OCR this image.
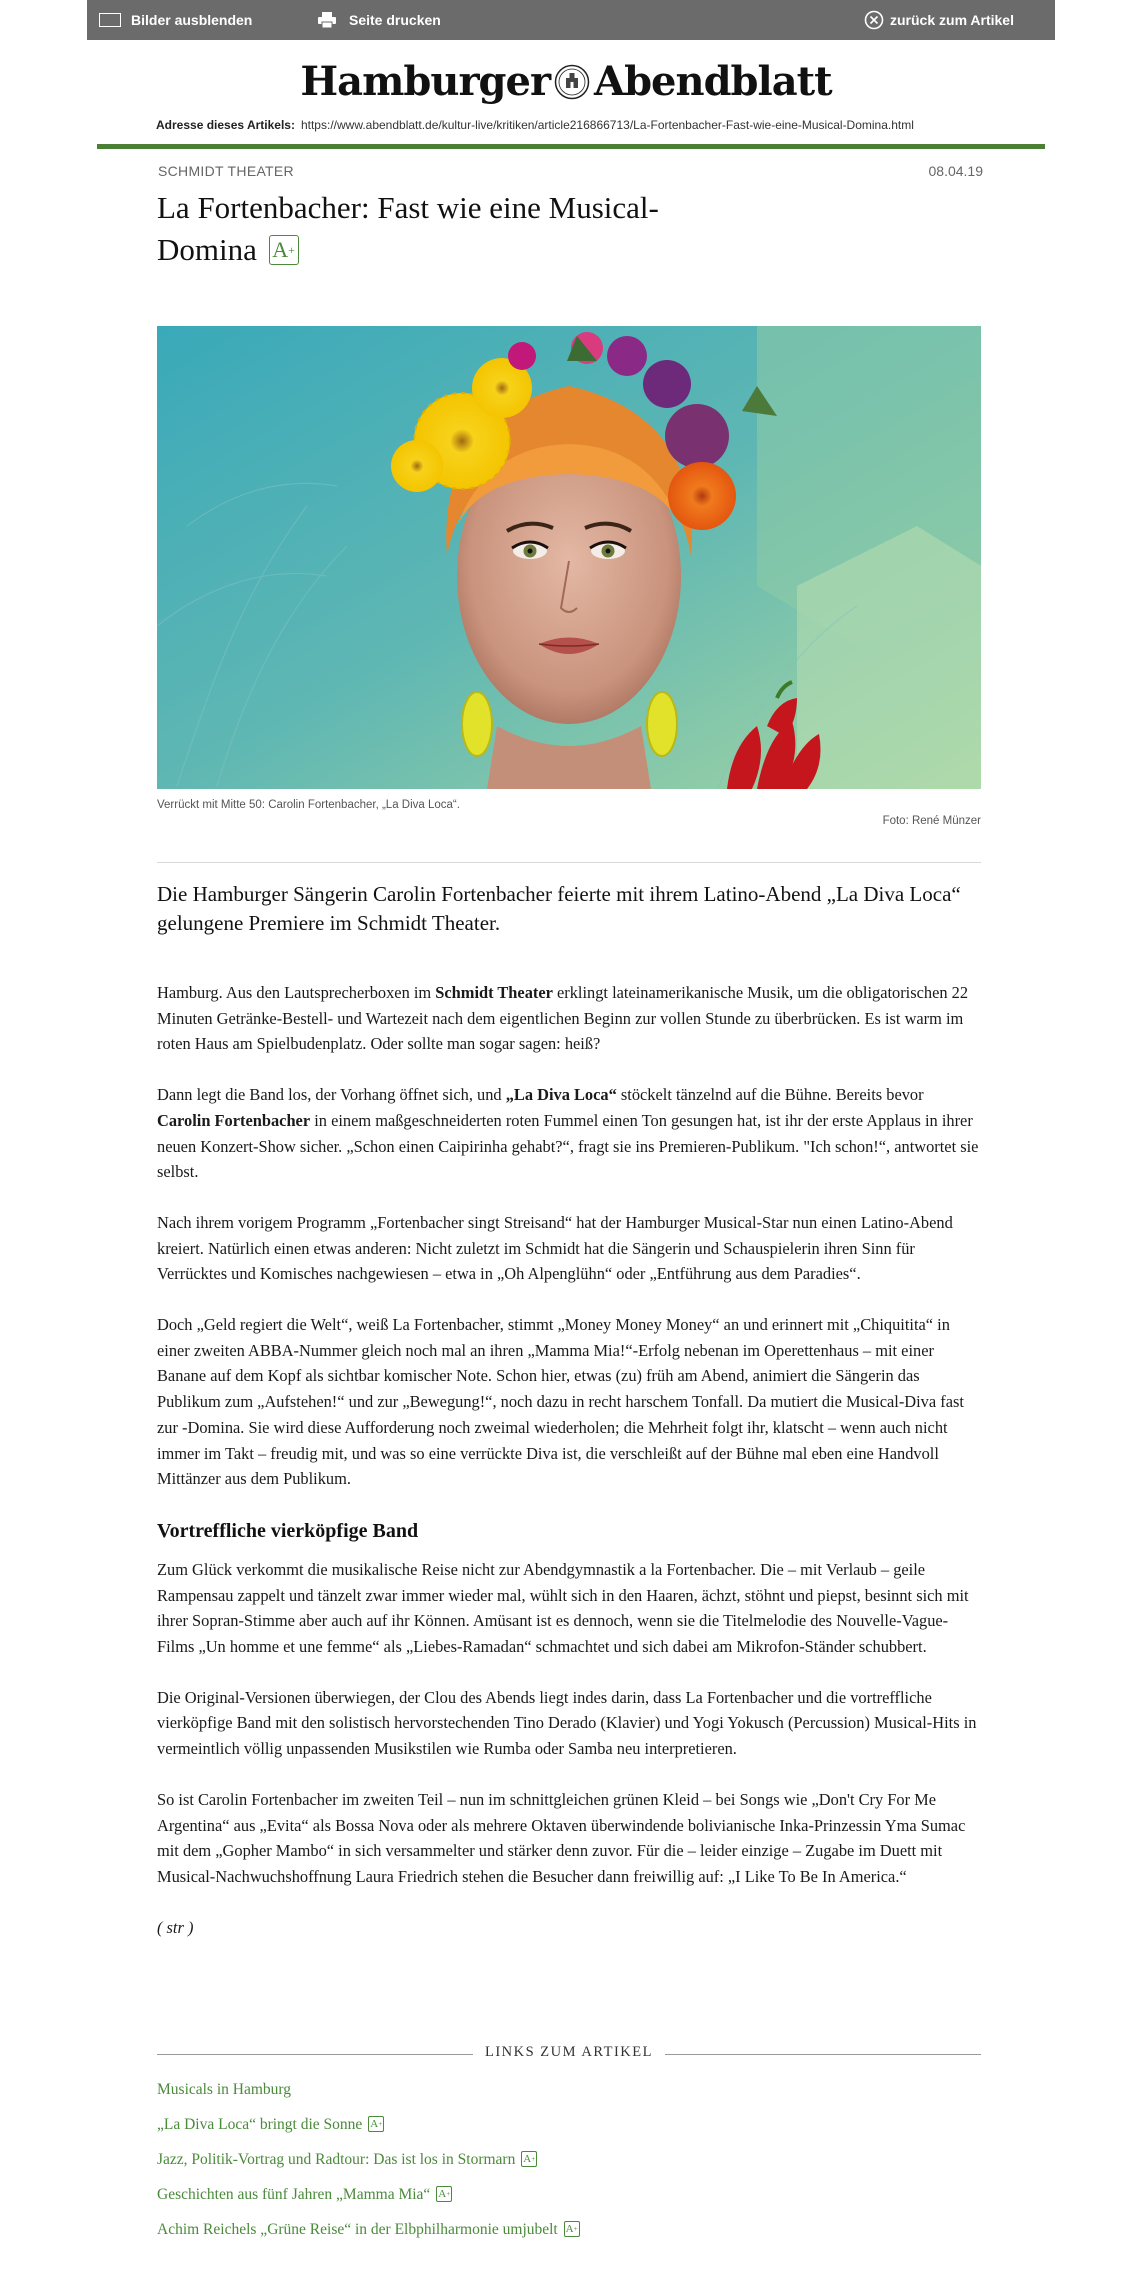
Bilder ausblenden	Seite drucken	zurück zum Artikel
Hamburger Abendblatt
Adresse dieses Artikels: https://www.abendblatt.de/kultur-live/kritiken/article216866713/La-Fortenbacher-Fast-wie-eine-Musical-Domina.html
SCHMIDT THEATER	08.04.19
La Fortenbacher: Fast wie eine Musical-Domina A +
Verrückt mit Mitte 50: Carolin Fortenbacher, „La Diva Loca“.
Foto: René Münzer

Die Hamburger Sängerin Carolin Fortenbacher feierte mit ihrem Latino-Abend „La Diva Loca“ gelungene Premiere im Schmidt Theater.

Hamburg. Aus den Lautsprecherboxen im Schmidt Theater erklingt lateinamerikanische Musik, um die obligatorischen 22 Minuten Getränke-Bestell- und Wartezeit nach dem eigentlichen Beginn zur vollen Stunde zu überbrücken. Es ist warm im roten Haus am Spielbudenplatz. Oder sollte man sogar sagen: heiß?

Dann legt die Band los, der Vorhang öffnet sich, und „La Diva Loca“ stöckelt tänzelnd auf die Bühne. Bereits bevor Carolin Fortenbacher in einem maßgeschneiderten roten Fummel einen Ton gesungen hat, ist ihr der erste Applaus in ihrer neuen Konzert-Show sicher. „Schon einen Caipirinha gehabt?“, fragt sie ins Premieren-Publikum. "Ich schon!“, antwortet sie selbst.

Nach ihrem vorigem Programm „Fortenbacher singt Streisand“ hat der Hamburger Musical-Star nun einen Latino-Abend kreiert. Natürlich einen etwas anderen: Nicht zuletzt im Schmidt hat die Sängerin und Schauspielerin ihren Sinn für Verrücktes und Komisches nachgewiesen – etwa in „Oh Alpenglühn“ oder „Entführung aus dem Paradies“.

Doch „Geld regiert die Welt“, weiß La Fortenbacher, stimmt „Money Money Money“ an und erinnert mit „Chiquitita“ in einer zweiten ABBA-Nummer gleich noch mal an ihren „Mamma Mia!“-Erfolg nebenan im Operettenhaus – mit einer Banane auf dem Kopf als sichtbar komischer Note. Schon hier, etwas (zu) früh am Abend, animiert die Sängerin das Publikum zum „Aufstehen!“ und zur „Bewegung!“, noch dazu in recht harschem Tonfall. Da mutiert die Musical-Diva fast zur -Domina. Sie wird diese Aufforderung noch zweimal wiederholen; die Mehrheit folgt ihr, klatscht – wenn auch nicht immer im Takt – freudig mit, und was so eine verrückte Diva ist, die verschleißt auf der Bühne mal eben eine Handvoll Mittänzer aus dem Publikum.

Vortreffliche vierköpfige Band

Zum Glück verkommt die musikalische Reise nicht zur Abendgymnastik a la Fortenbacher. Die – mit Verlaub – geile Rampensau zappelt und tänzelt zwar immer wieder mal, wühlt sich in den Haaren, ächzt, stöhnt und piepst, besinnt sich mit ihrer Sopran-Stimme aber auch auf ihr Können. Amüsant ist es dennoch, wenn sie die Titelmelodie des Nouvelle-Vague-Films „Un homme et une femme“ als „Liebes-Ramadan“ schmachtet und sich dabei am Mikrofon-Ständer schubbert.

Die Original-Versionen überwiegen, der Clou des Abends liegt indes darin, dass La Fortenbacher und die vortreffliche vierköpfige Band mit den solistisch hervorstechenden Tino Derado (Klavier) und Yogi Yokusch (Percussion) Musical-Hits in vermeintlich völlig unpassenden Musikstilen wie Rumba oder Samba neu interpretieren.

So ist Carolin Fortenbacher im zweiten Teil – nun im schnittgleichen grünen Kleid – bei Songs wie „Don't Cry For Me Argentina“ aus „Evita“ als Bossa Nova oder als mehrere Oktaven überwindende bolivianische Inka-Prinzessin Yma Sumac mit dem „Gopher Mambo“ in sich versammelter und stärker denn zuvor. Für die – leider einzige – Zugabe im Duett mit Musical-Nachwuchshoffnung Laura Friedrich stehen die Besucher dann freiwillig auf: „I Like To Be In America.“

( str )

LINKS ZUM ARTIKEL
Musicals in Hamburg
„La Diva Loca“ bringt die Sonne A +
Jazz, Politik-Vortrag und Radtour: Das ist los in Stormarn A +
Geschichten aus fünf Jahren „Mamma Mia“ A +
Achim Reichels „Grüne Reise“ in der Elbphilharmonie umjubelt A +
